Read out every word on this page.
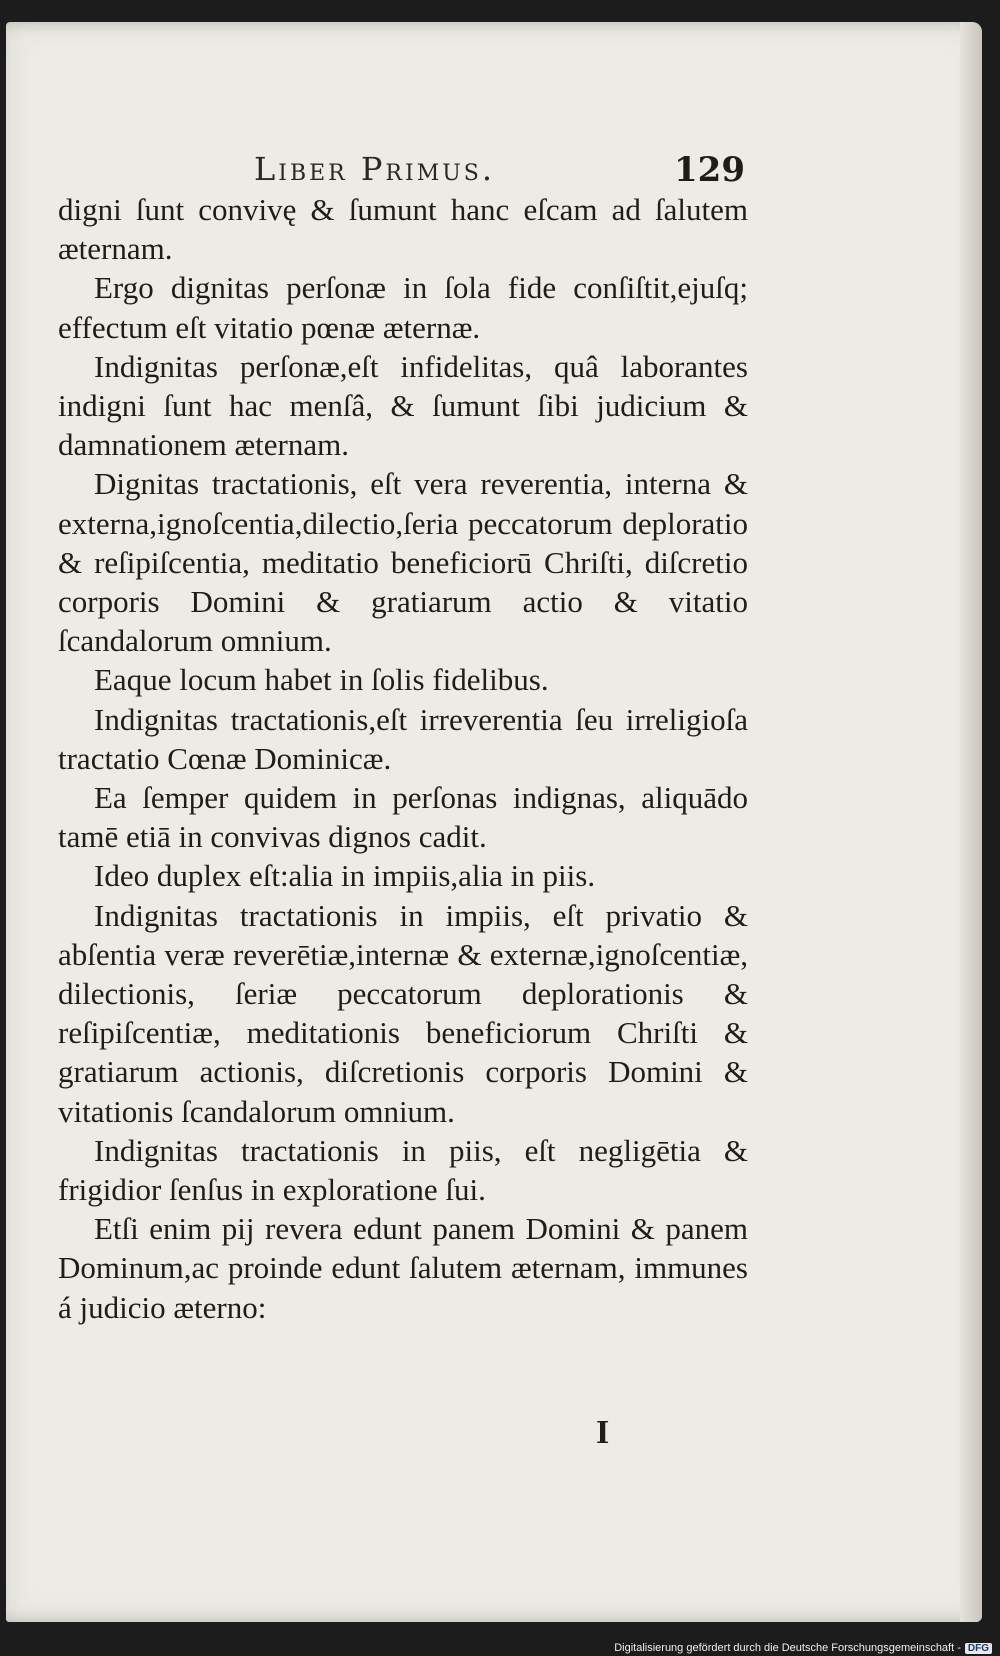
Liber Primus.	129

digni ſunt convivę & ſumunt hanc eſcam ad ſalutem æternam.

Ergo dignitas perſonæ in ſola fide conſiſtit,ejuſq; effectum eſt vitatio pœnæ æternæ.

Indignitas perſonæ,eſt infidelitas, quâ laborantes indigni ſunt hac menſâ, & ſumunt ſibi judicium & damnationem æternam.

Dignitas tractationis, eſt vera reverentia, interna & externa,ignoſcentia,dilectio,ſeria peccatorum deploratio & reſipiſcentia, meditatio beneficiorū Chriſti, diſcretio corporis Domini & gratiarum actio & vitatio ſcandalorum omnium.

Eaque locum habet in ſolis fidelibus.

Indignitas tractationis,eſt irreverentia ſeu irreligioſa tractatio Cœnæ Dominicæ.

Ea ſemper quidem in perſonas indignas, aliquādo tamē etiā in convivas dignos cadit.

Ideo duplex eſt:alia in impiis,alia in piis.

Indignitas tractationis in impiis, eſt privatio & abſentia veræ reverētiæ,internæ & externæ,ignoſcentiæ, dilectionis, ſeriæ peccatorum deplorationis & reſipiſcentiæ, meditationis beneficiorum Chriſti & gratiarum actionis, diſcretionis corporis Domini & vitationis ſcandalorum omnium.

Indignitas tractationis in piis, eſt negligētia & frigidior ſenſus in exploratione ſui.

Etſi enim pij revera edunt panem Domini & panem Dominum,ac proinde edunt ſalutem æternam, immunes á judicio æterno:

I
Digitalisierung gefördert durch die Deutsche Forschungsgemeinschaft - DFG
